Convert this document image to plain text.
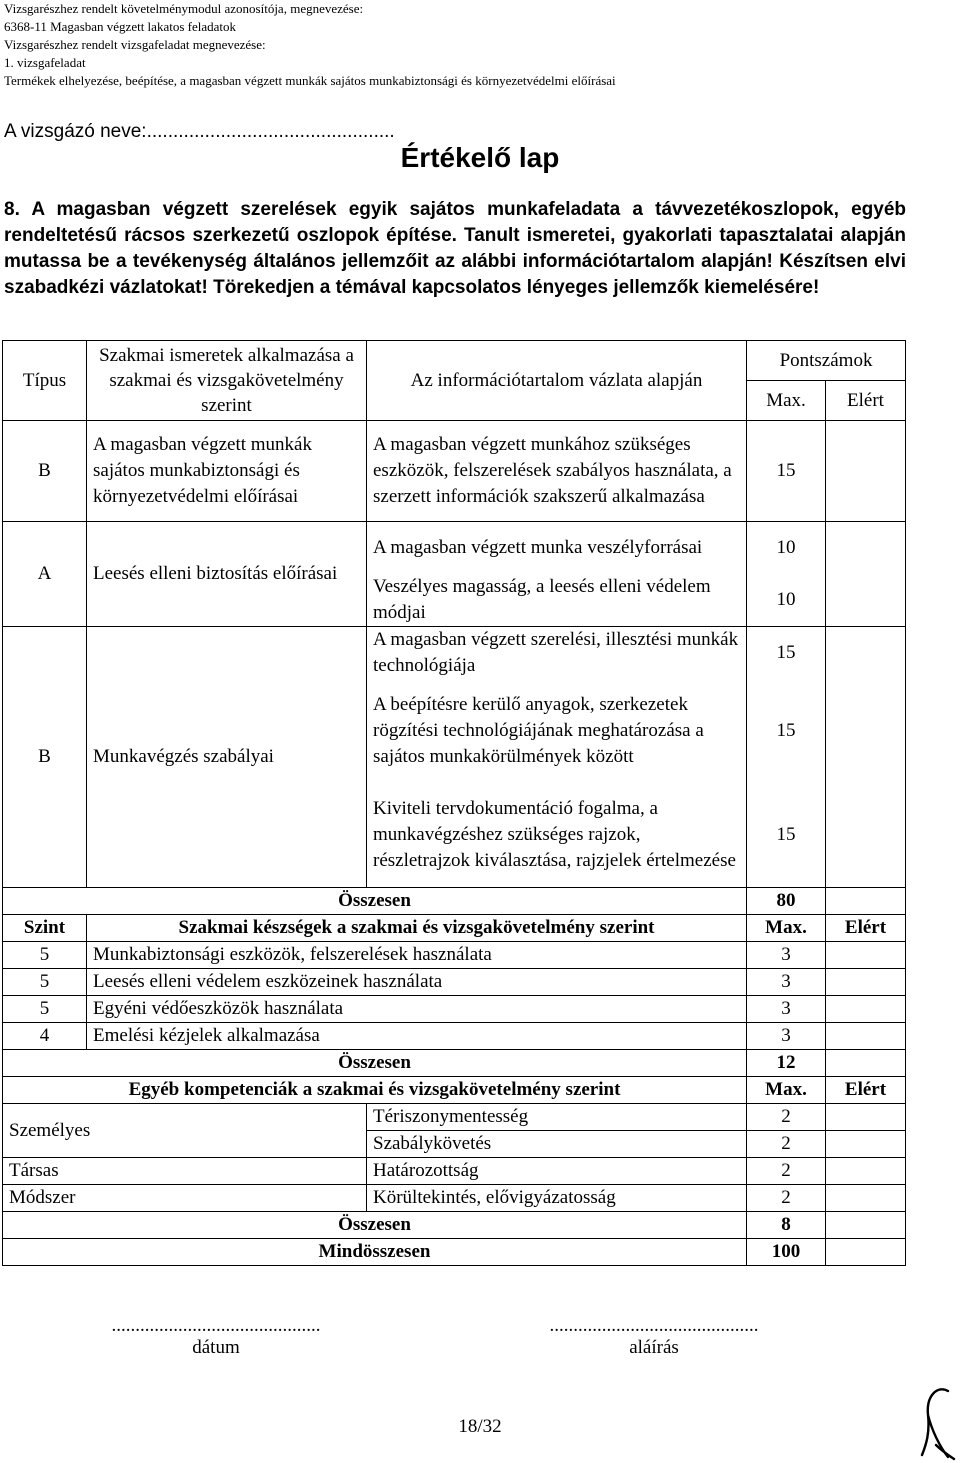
Vizsgarészhez rendelt követelménymodul azonosítója, megnevezése:
6368-11 Magasban végzett lakatos feladatok
Vizsgarészhez rendelt vizsgafeladat megnevezése:
1. vizsgafeladat
Termékek elhelyezése, beépítése, a magasban végzett munkák sajátos munkabiztonsági és környezetvédelmi előírásai
A vizsgázó neve:...............................................
Értékelő lap
8. A magasban végzett szerelések egyik sajátos munkafeladata a távvezetékoszlopok, egyéb rendeltetésű rácsos szerkezetű oszlopok építése. Tanult ismeretei, gyakorlati tapasztalatai alapján mutassa be a tevékenység általános jellemzőit az alábbi információtartalom alapján! Készítsen elvi szabadkézi vázlatokat! Törekedjen a témával kapcsolatos lényeges jellemzők kiemelésére!
Típus	Szakmai ismeretek alkalmazása a szakmai és vizsgakövetelmény szerint	Az információtartalom vázlata alapján	Pontszámok	
			Max.	Elért
B	A magasban végzett munkák sajátos munkabiztonsági és környezetvédelmi előírásai	A magasban végzett munkához szükséges eszközök, felszerelések szabályos használata, a szerzett információk szakszerű alkalmazása	15	
A	Leesés elleni biztosítás előírásai	A magasban végzett munka veszélyforrásai	10	
		Veszélyes magasság, a leesés elleni védelem módjai	10	
B	Munkavégzés szabályai	A magasban végzett szerelési, illesztési munkák technológiája	15	
		A beépítésre kerülő anyagok, szerkezetek rögzítési technológiájának meghatározása a sajátos munkakörülmények között	15	
		Kiviteli tervdokumentáció fogalma, a munkavégzéshez szükséges rajzok, részletrajzok kiválasztása, rajzjelek értelmezése	15	
Összesen			80	
Szint	Szakmai készségek a szakmai és vizsgakövetelmény szerint		Max.	Elért
5	Munkabiztonsági eszközök, felszerelések használata		3	
5	Leesés elleni védelem eszközeinek használata		3	
5	Egyéni védőeszközök használata		3	
4	Emelési kézjelek alkalmazása		3	
Összesen			12	
Egyéb kompetenciák a szakmai és vizsgakövetelmény szerint			Max.	Elért
Személyes		Tériszonymentesség	2	
		Szabálykövetés	2	
Társas		Határozottság	2	
Módszer		Körültekintés, elővigyázatosság	2	
Összesen			8	
Mindösszesen			100	
............................................
dátum
............................................
aláírás
18/32
